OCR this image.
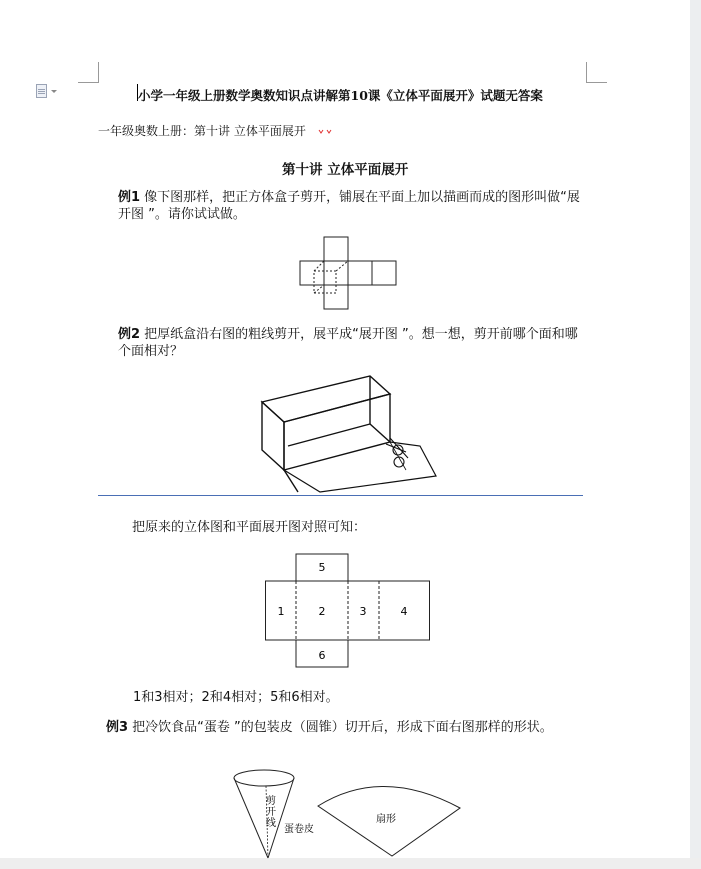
小学一年级上册数学奥数知识点讲解第10课《立体平面展开》试题无答案
一年级奥数上册：第十讲 立体平面展开
第十讲 立体平面展开
例1 像下图那样，把正方体盒子剪开，铺展在平面上加以描画而成的图形叫做“展开图 ”。请你试试做。
例2 把厚纸盒沿右图的粗线剪开，展平成“展开图 ”。想一想，剪开前哪个面和哪个面相对？
把原来的立体图和平面展开图对照可知：
5
1	2	3	4
6
1和3相对；2和4相对；5和6相对。
例3 把冷饮食品“蛋卷 ”的包装皮（圆锥）切开后，形成下面右图那样的形状。
剪开线
蛋卷皮
扇形
